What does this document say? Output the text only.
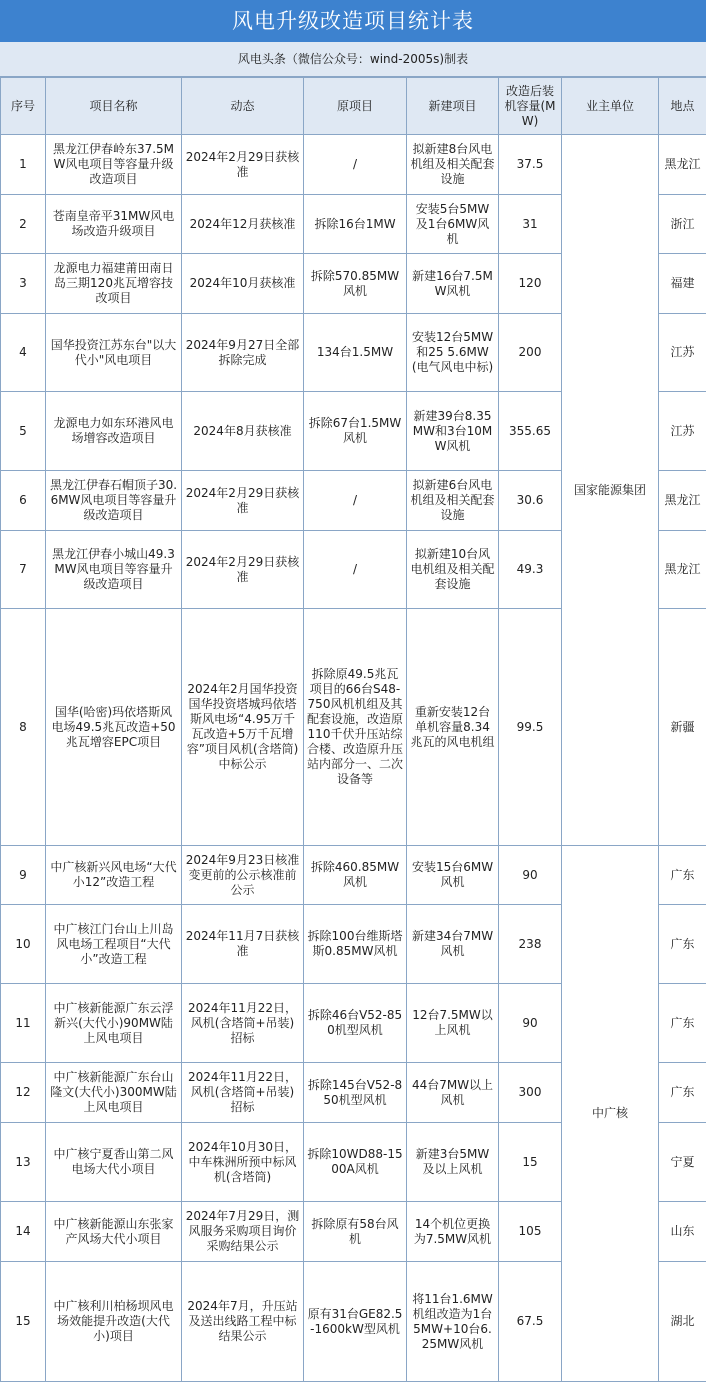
风电升级改造项目统计表
风电头条（微信公众号：wind-2005s)制表
序号	项目名称	动态	原项目	新建项目	改造后装机容量(MW)	业主单位	地点
1	黑龙江伊春岭东37.5MW风电项目等容量升级改造项目	2024年2月29日获核准	/	拟新建8台风电机组及相关配套设施	37.5	国家能源集团	黑龙江
2	苍南皇帝平31MW风电场改造升级项目	2024年12月获核准	拆除16台1MW	安装5台5MW及1台6MW风机	31		浙江
3	龙源电力福建莆田南日岛三期120兆瓦增容技改项目	2024年10月获核准	拆除570.85MW风机	新建16台7.5MW风机	120		福建
4	国华投资江苏东台"以大代小"风电项目	2024年9月27日全部拆除完成	134台1.5MW	安装12台5MW和25 5.6MW(电气风电中标)	200		江苏
5	龙源电力如东环港风电场增容改造项目	2024年8月获核准	拆除67台1.5MW风机	新建39台8.35MW和3台10MW风机	355.65		江苏
6	黑龙江伊春石帽顶子30.6MW风电项目等容量升级改造项目	2024年2月29日获核准	/	拟新建6台风电机组及相关配套设施	30.6		黑龙江
7	黑龙江伊春小城山49.3MW风电项目等容量升级改造项目	2024年2月29日获核准	/	拟新建10台风电机组及相关配套设施	49.3		黑龙江
8	国华(哈密)玛依塔斯风电场49.5兆瓦改造+50兆瓦增容EPC项目	2024年2月国华投资国华投资塔城玛依塔斯风电场“4.95万千瓦改造+5万千瓦增容”项目风机(含塔筒)中标公示	拆除原49.5兆瓦项目的66台S48-750风机机组及其配套设施，改造原110千伏升压站综合楼、改造原升压站内部分一、二次设备等	重新安装12台单机容量8.34兆瓦的风电机组	99.5		新疆
9	中广核新兴风电场“大代小12”改造工程	2024年9月23日核准变更前的公示核准前公示	拆除460.85MW风机	安装15台6MW风机	90	中广核	广东
10	中广核江门台山上川岛风电场工程项目“大代小”改造工程	2024年11月7日获核准	拆除100台维斯塔斯0.85MW风机	新建34台7MW风机	238		广东
11	中广核新能源广东云浮新兴(大代小)90MW陆上风电项目	2024年11月22日，风机(含塔筒+吊装)招标	拆除46台V52-850机型风机	12台7.5MW以上风机	90		广东
12	中广核新能源广东台山隆文(大代小)300MW陆上风电项目	2024年11月22日，风机(含塔筒+吊装)招标	拆除145台V52-850机型风机	44台7MW以上风机	300		广东
13	中广核宁夏香山第二风电场大代小项目	2024年10月30日，中车株洲所预中标风机(含塔筒)	拆除10WD88-1500A风机	新建3台5MW及以上风机	15		宁夏
14	中广核新能源山东张家产风场大代小项目	2024年7月29日，测风服务采购项目询价采购结果公示	拆除原有58台风机	14个机位更换为7.5MW风机	105		山东
15	中广核利川柏杨坝风电场效能提升改造(大代小)项目	2024年7月，升压站及送出线路工程中标结果公示	原有31台GE82.5-1600kW型风机	将11台1.6MW机组改造为1台5MW+10台6.25MW风机	67.5		湖北
